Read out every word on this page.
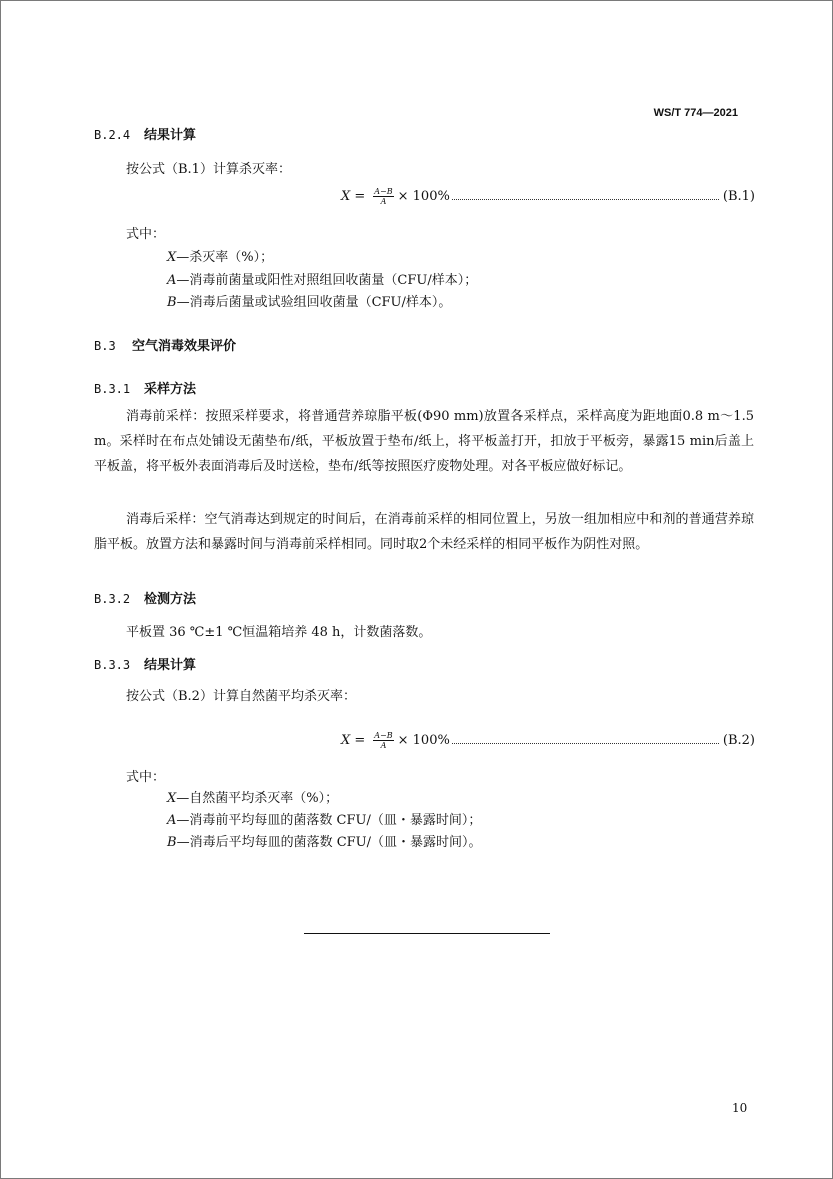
WS/T 774—2021
B.2.4 结果计算
按公式（B.1）计算杀灭率：
$X = \frac{A-B}{A} \times 100\%$	(B.1)
式中：
X—杀灭率（%）；
A—消毒前菌量或阳性对照组回收菌量（CFU/样本）；
B—消毒后菌量或试验组回收菌量（CFU/样本）。
B.3 空气消毒效果评价
B.3.1 采样方法
消毒前采样：按照采样要求，将普通营养琼脂平板(Φ90 mm)放置各采样点，采样高度为距地面0.8 m～1.5 m。采样时在布点处铺设无菌垫布/纸，平板放置于垫布/纸上，将平板盖打开，扣放于平板旁，暴露15 min后盖上平板盖，将平板外表面消毒后及时送检，垫布/纸等按照医疗废物处理。对各平板应做好标记。
消毒后采样：空气消毒达到规定的时间后，在消毒前采样的相同位置上，另放一组加相应中和剂的普通营养琼脂平板。放置方法和暴露时间与消毒前采样相同。同时取2个未经采样的相同平板作为阴性对照。
B.3.2 检测方法
平板置 36 ℃±1 ℃恒温箱培养 48 h，计数菌落数。
B.3.3 结果计算
按公式（B.2）计算自然菌平均杀灭率：
$X = \frac{A-B}{A} \times 100\%$	(B.2)
式中：
X—自然菌平均杀灭率（%）；
A—消毒前平均每皿的菌落数 CFU/（皿・暴露时间）；
B—消毒后平均每皿的菌落数 CFU/（皿・暴露时间）。
10
